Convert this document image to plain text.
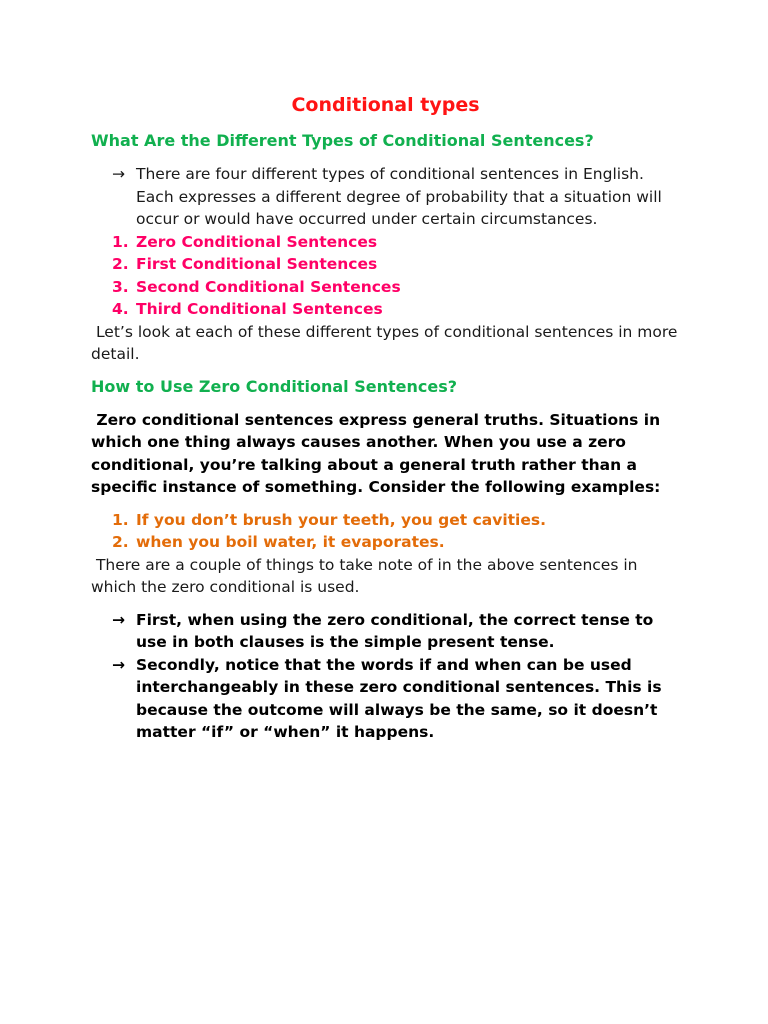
Conditional types
What Are the Different Types of Conditional Sentences?
→ There are four different types of conditional sentences in English. Each expresses a different degree of probability that a situation will occur or would have occurred under certain circumstances.
1. Zero Conditional Sentences
2. First Conditional Sentences
3. Second Conditional Sentences
4. Third Conditional Sentences
Let’s look at each of these different types of conditional sentences in more detail.
How to Use Zero Conditional Sentences?
Zero conditional sentences express general truths. Situations in which one thing always causes another. When you use a zero conditional, you’re talking about a general truth rather than a specific instance of something. Consider the following examples:
1. If you don’t brush your teeth, you get cavities.
2. when you boil water, it evaporates.
There are a couple of things to take note of in the above sentences in which the zero conditional is used.
→ First, when using the zero conditional, the correct tense to use in both clauses is the simple present tense.
→ Secondly, notice that the words if and when can be used interchangeably in these zero conditional sentences. This is because the outcome will always be the same, so it doesn’t matter “if” or “when” it happens.
